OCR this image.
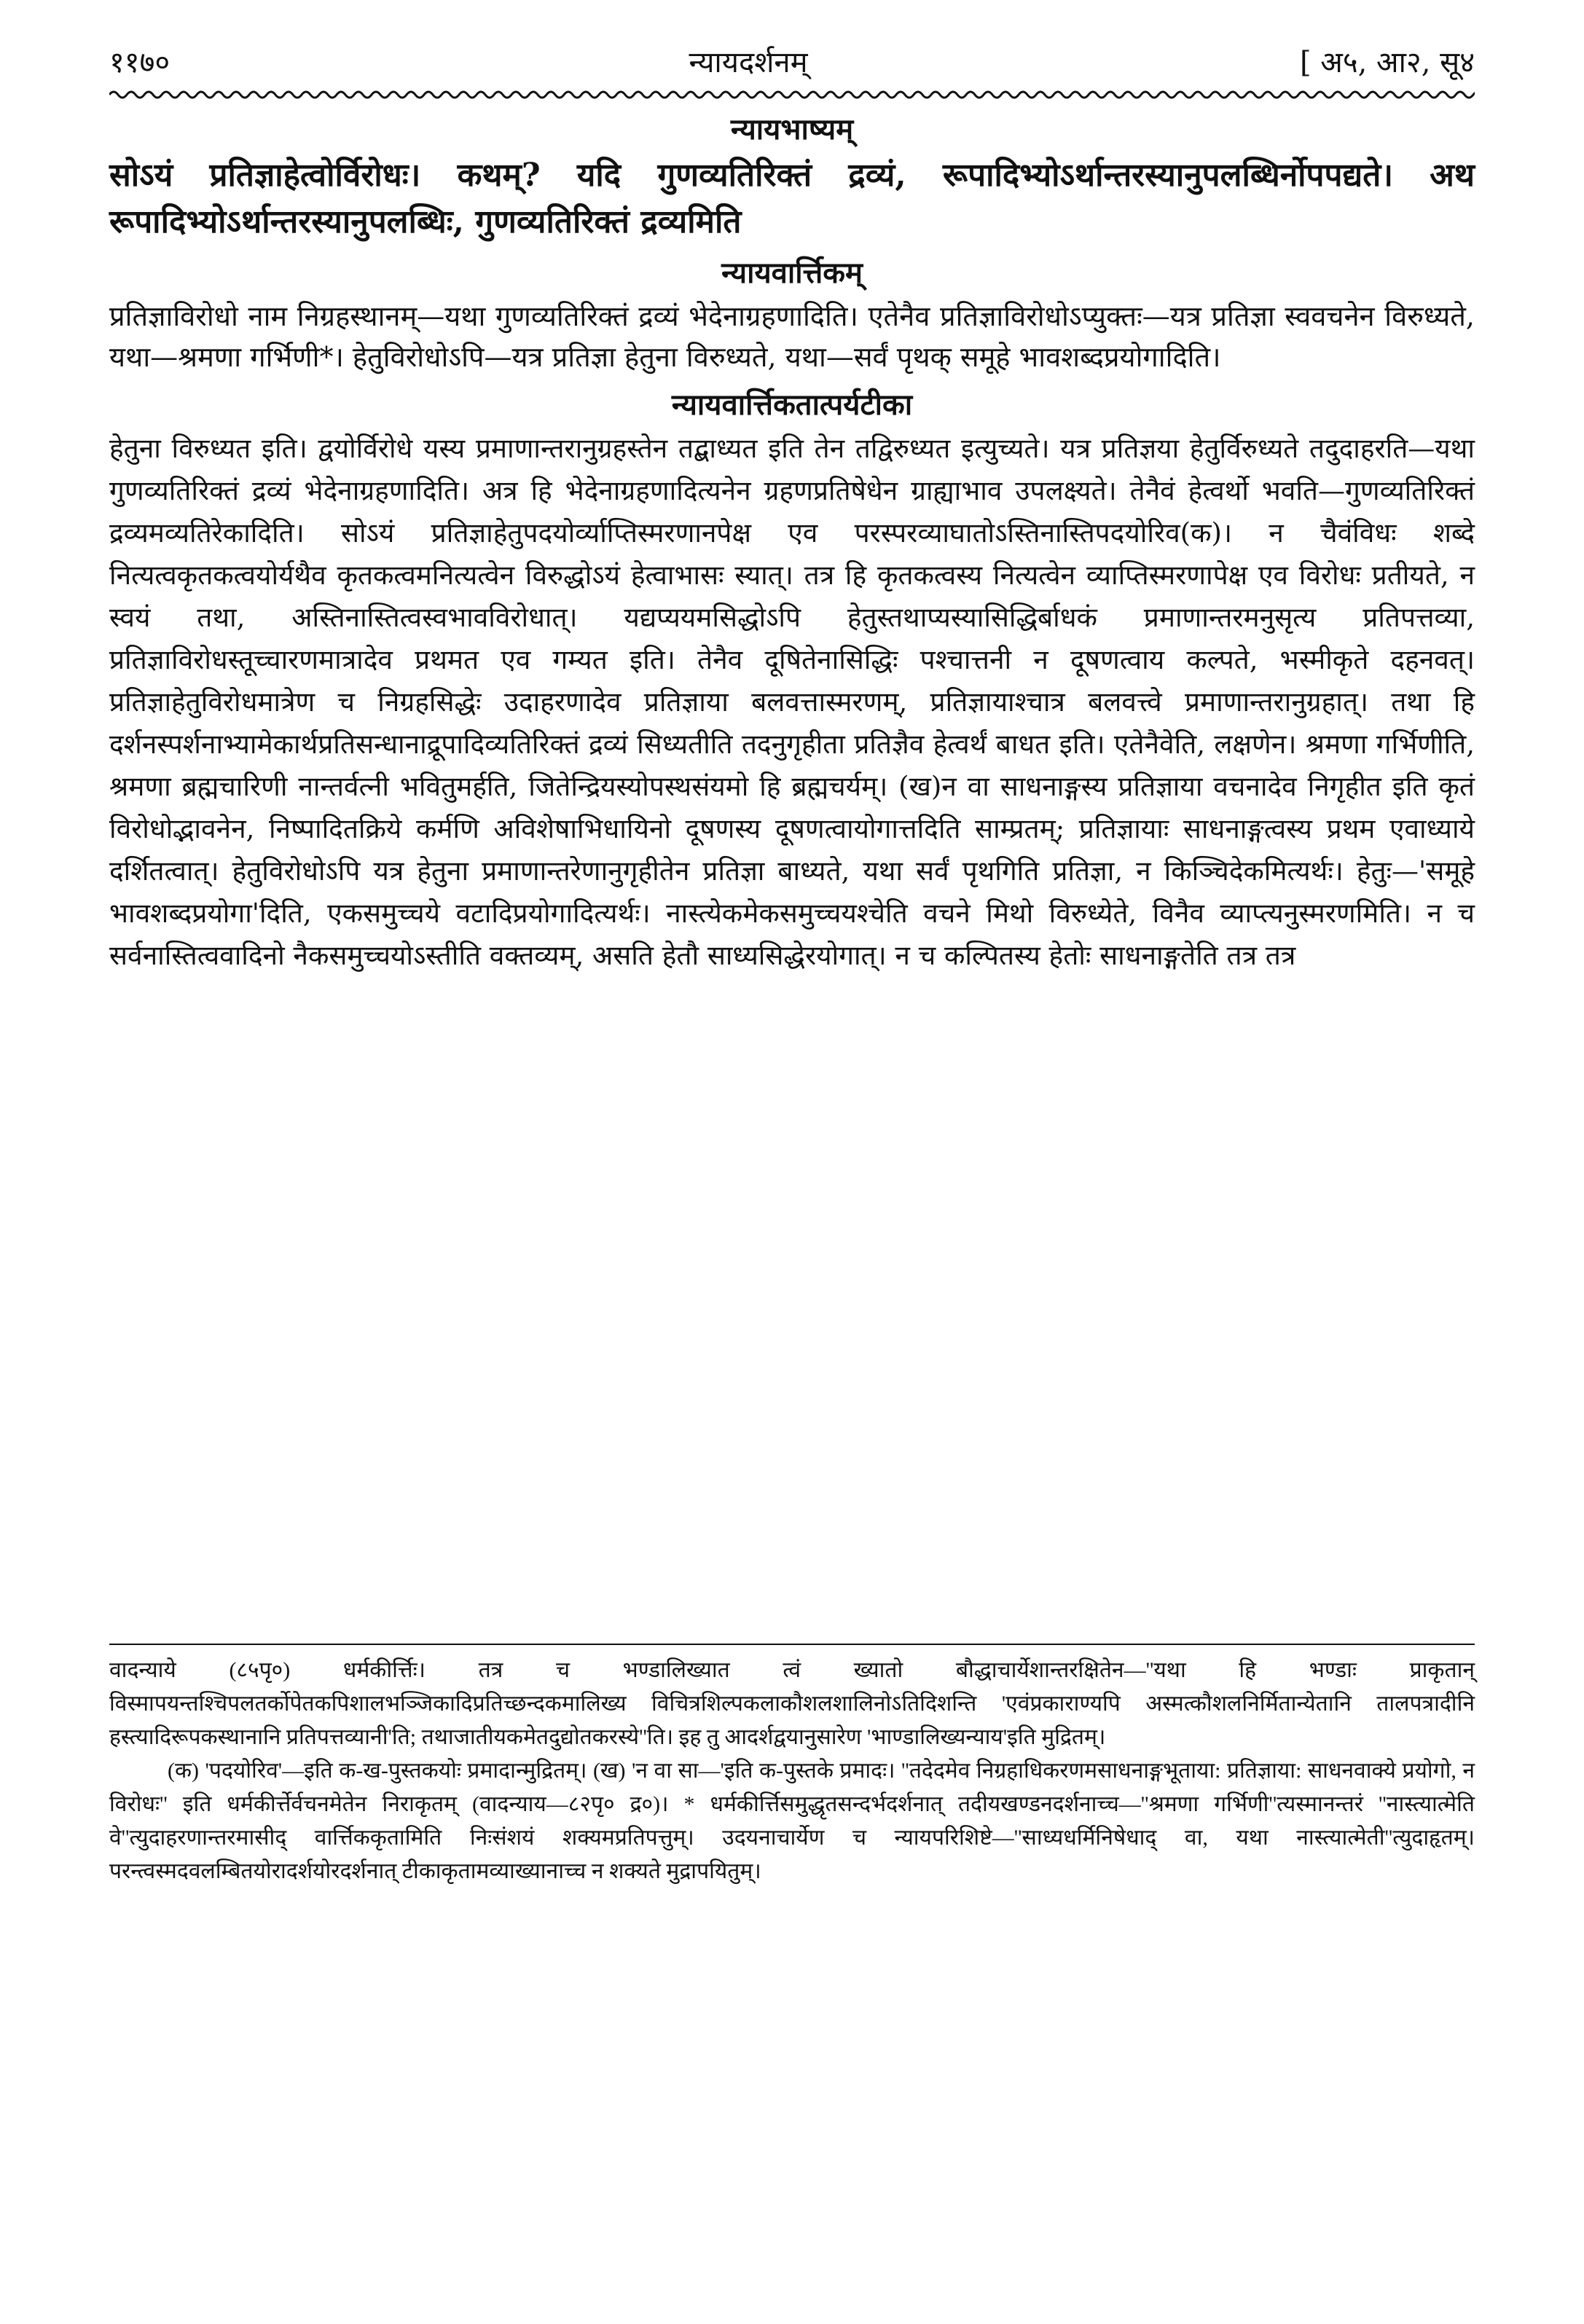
११७०	न्यायदर्शनम्	[ अ५, आ२, सू४
न्यायभाष्यम्
सोऽयं प्रतिज्ञाहेत्वोर्विरोधः। कथम्? यदि गुणव्यतिरिक्तं द्रव्यं, रूपादिभ्योऽर्थान्तरस्यानुपलब्धिर्नोपपद्यते। अथ रूपादिभ्योऽर्थान्तरस्यानुपलब्धिः, गुणव्यतिरिक्तं द्रव्यमिति
न्यायवार्त्तिकम्
प्रतिज्ञाविरोधो नाम निग्रहस्थानम्—यथा गुणव्यतिरिक्तं द्रव्यं भेदेनाग्रहणादिति। एतेनैव प्रतिज्ञाविरोधोऽप्युक्तः—यत्र प्रतिज्ञा स्ववचनेन विरुध्यते, यथा—श्रमणा गर्भिणी*। हेतुविरोधोऽपि—यत्र प्रतिज्ञा हेतुना विरुध्यते, यथा—सर्वं पृथक् समूहे भावशब्दप्रयोगादिति।
न्यायवार्त्तिकतात्पर्यटीका
हेतुना विरुध्यत इति। द्वयोर्विरोधे यस्य प्रमाणान्तरानुग्रहस्तेन तद्बाध्यत इति तेन तद्विरुध्यत इत्युच्यते। यत्र प्रतिज्ञया हेतुर्विरुध्यते तदुदाहरति—यथा गुणव्यतिरिक्तं द्रव्यं भेदेनाग्रहणादिति। अत्र हि भेदेनाग्रहणादित्यनेन ग्रहणप्रतिषेधेन ग्राह्याभाव उपलक्ष्यते। तेनैवं हेत्वर्थो भवति—गुणव्यतिरिक्तं द्रव्यमव्यतिरेकादिति। सोऽयं प्रतिज्ञाहेतुपदयोर्व्याप्तिस्मरणानपेक्ष एव परस्परव्याघातोऽस्तिनास्तिपदयोरिव(क)। न चैवंविधः शब्दे नित्यत्वकृतकत्वयोर्यथैव कृतकत्वमनित्यत्वेन विरुद्धोऽयं हेत्वाभासः स्यात्। तत्र हि कृतकत्वस्य नित्यत्वेन व्याप्तिस्मरणापेक्ष एव विरोधः प्रतीयते, न स्वयं तथा, अस्तिनास्तित्वस्वभावविरोधात्। यद्यप्ययमसिद्धोऽपि हेतुस्तथाप्यस्यासिद्धिर्बाधकं प्रमाणान्तरमनुसृत्य प्रतिपत्तव्या, प्रतिज्ञाविरोधस्तूच्चारणमात्रादेव प्रथमत एव गम्यत इति। तेनैव दूषितेनासिद्धिः पश्चात्तनी न दूषणत्वाय कल्पते, भस्मीकृते दहनवत्। प्रतिज्ञाहेतुविरोधमात्रेण च निग्रहसिद्धेः उदाहरणादेव प्रतिज्ञाया बलवत्तास्मरणम्, प्रतिज्ञायाश्चात्र बलवत्त्वे प्रमाणान्तरानुग्रहात्। तथा हि दर्शनस्पर्शनाभ्यामेकार्थप्रतिसन्धानाद्रूपादिव्यतिरिक्तं द्रव्यं सिध्यतीति तदनुगृहीता प्रतिज्ञैव हेत्वर्थं बाधत इति। एतेनैवेति, लक्षणेन। श्रमणा गर्भिणीति, श्रमणा ब्रह्मचारिणी नान्तर्वत्नी भवितुमर्हति, जितेन्द्रियस्योपस्थसंयमो हि ब्रह्मचर्यम्। (ख)न वा साधनाङ्गस्य प्रतिज्ञाया वचनादेव निगृहीत इति कृतं विरोधोद्भावनेन, निष्पादितक्रिये कर्मणि अविशेषाभिधायिनो दूषणस्य दूषणत्वायोगात्तदिति साम्प्रतम्; प्रतिज्ञायाः साधनाङ्गत्वस्य प्रथम एवाध्याये दर्शितत्वात्। हेतुविरोधोऽपि यत्र हेतुना प्रमाणान्तरेणानुगृहीतेन प्रतिज्ञा बाध्यते, यथा सर्वं पृथगिति प्रतिज्ञा, न किञ्चिदेकमित्यर्थः। हेतुः—'समूहे भावशब्दप्रयोगा'दिति, एकसमुच्चये वटादिप्रयोगादित्यर्थः। नास्त्येकमेकसमुच्चयश्चेति वचने मिथो विरुध्येते, विनैव व्याप्त्यनुस्मरणमिति। न च सर्वनास्तित्ववादिनो नैकसमुच्चयोऽस्तीति वक्तव्यम्, असति हेतौ साध्यसिद्धेरयोगात्। न च कल्पितस्य हेतोः साधनाङ्गतेति तत्र तत्र

वादन्याये (८५पृ०) धर्मकीर्त्तिः। तत्र च भण्डालिख्यात त्वं ख्यातो बौद्धाचार्येशान्तरक्षितेन—''यथा हि भण्डाः प्राकृतान् विस्मापयन्तश्चिपलतर्कोपेतकपिशालभञ्जिकादिप्रतिच्छन्दकमालिख्य विचित्रशिल्पकलाकौशलशालिनोऽतिदिशन्ति 'एवंप्रकाराण्यपि अस्मत्कौशलनिर्मितान्येतानि तालपत्रादीनि हस्त्यादिरूपकस्थानानि प्रतिपत्तव्यानी'ति; तथाजातीयकमेतदुद्योतकरस्ये''ति। इह तु आदर्शद्वयानुसारेण 'भाण्डालिख्यन्याय'इति मुद्रितम्।

(क) 'पदयोरिव'—इति क-ख-पुस्तकयोः प्रमादान्मुद्रितम्। (ख) 'न वा सा—'इति क-पुस्तके प्रमादः। ''तदेदमेव निग्रहाधिकरणमसाधनाङ्गभूताया: प्रतिज्ञाया: साधनवाक्ये प्रयोगो, न विरोधः'' इति धर्मकीर्त्तेर्वचनमेतेन निराकृतम् (वादन्याय—८२पृ० द्र०)। * धर्मकीर्त्तिसमुद्धृतसन्दर्भदर्शनात् तदीयखण्डनदर्शनाच्च—''श्रमणा गर्भिणी''त्यस्मानन्तरं ''नास्त्यात्मेति वे''त्युदाहरणान्तरमासीद् वार्त्तिककृतामिति निःसंशयं शक्यमप्रतिपत्तुम्। उदयनाचार्येण च न्यायपरिशिष्टे—''साध्यधर्मिनिषेधाद् वा, यथा नास्त्यात्मेती''त्युदाहृतम्। परन्त्वस्मदवलम्बितयोरादर्शयोरदर्शनात् टीकाकृतामव्याख्यानाच्च न शक्यते मुद्रापयितुम्।
